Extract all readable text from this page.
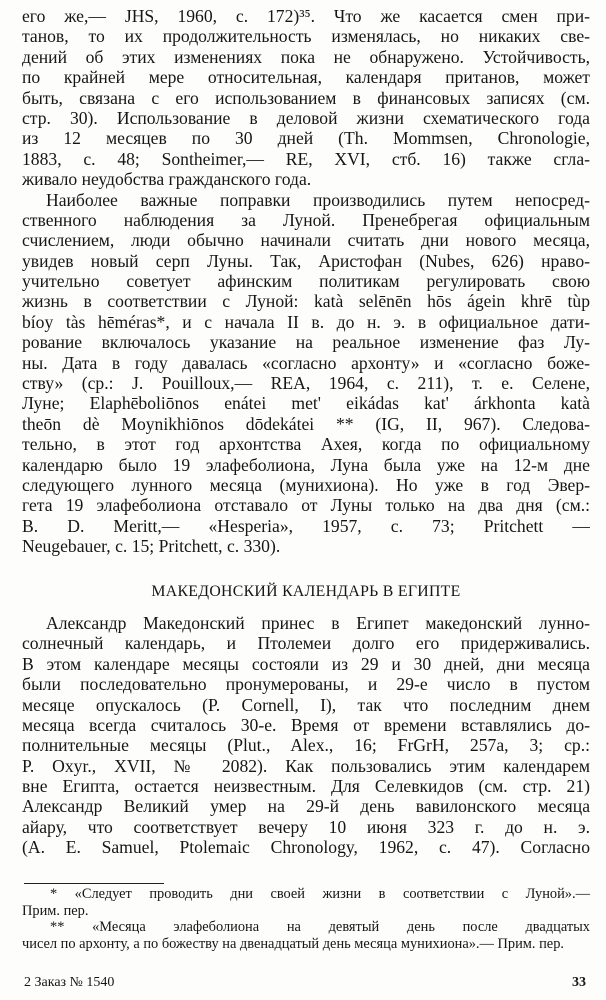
его же,— JHS, 1960, с. 172)³⁵. Что же касается смен при-
танов, то их продолжительность изменялась, но никаких све-
дений об этих изменениях пока не обнаружено. Устойчивость,
по крайней мере относительная, календаря пританов, может
быть, связана с его использованием в финансовых записях (см.
стр. 30). Использование в деловой жизни схематического года
из 12 месяцев по 30 дней (Th. Mommsen, Chronologie,
1883, с. 48; Sontheimer,— RE, XVI, стб. 16) также сгла-
живало неудобства гражданского года.
Наиболее важные поправки производились путем непосред-
ственного наблюдения за Луной. Пренебрегая официальным
счислением, люди обычно начинали считать дни нового месяца,
увидев новый серп Луны. Так, Аристофан (Nubes, 626) нраво-
учительно советует афинским политикам регулировать свою
жизнь в соответствии с Луной: katà selēnēn hōs ágein khrē tùp
bíoy tàs hēméras*, и с начала II в. до н. э. в официальное дати-
рование включалось указание на реальное изменение фаз Лу-
ны. Дата в году давалась «согласно архонту» и «согласно боже-
ству» (ср.: J. Pouilloux,— REA, 1964, с. 211), т. е. Селене,
Луне; Elaphēboliōnos enátei met' eikádas kat' árkhonta katà
theōn dè Moynikhiōnos dōdekátei ** (IG, II, 967). Следова-
тельно, в этот год архонтства Ахея, когда по официальному
календарю было 19 элафеболиона, Луна была уже на 12-м дне
следующего лунного месяца (мунихиона). Но уже в год Эвер-
гета 19 элафеболиона отставало от Луны только на два дня (см.:
B. D. Meritt,— «Hesperia», 1957, с. 73; Pritchett —
Neugebauer, с. 15; Pritchett, с. 330).
МАКЕДОНСКИЙ КАЛЕНДАРЬ В ЕГИПТЕ
Александр Македонский принес в Египет македонский лунно-
солнечный календарь, и Птолемеи долго его придерживались.
В этом календаре месяцы состояли из 29 и 30 дней, дни месяца
были последовательно пронумерованы, и 29-е число в пустом
месяце опускалось (P. Cornell, I), так что последним днем
месяца всегда считалось 30-е. Время от времени вставлялись до-
полнительные месяцы (Plut., Alex., 16; FrGrH, 257a, 3; ср.:
P. Oxyr., XVII, № 2082). Как пользовались этим календарем
вне Египта, остается неизвестным. Для Селевкидов (см. стр. 21)
Александр Великий умер на 29-й день вавилонского месяца
айару, что соответствует вечеру 10 июня 323 г. до н. э.
(A. E. Samuel, Ptolemaic Chronology, 1962, с. 47). Согласно
* «Следует проводить дни своей жизни в соответствии с Луной».—
Прим. пер.
** «Месяца элафеболиона на девятый день после двадцатых
чисел по архонту, а по божеству на двенадцатый день месяца мунихиона».— Прим. пер.
2 Заказ № 1540	33
